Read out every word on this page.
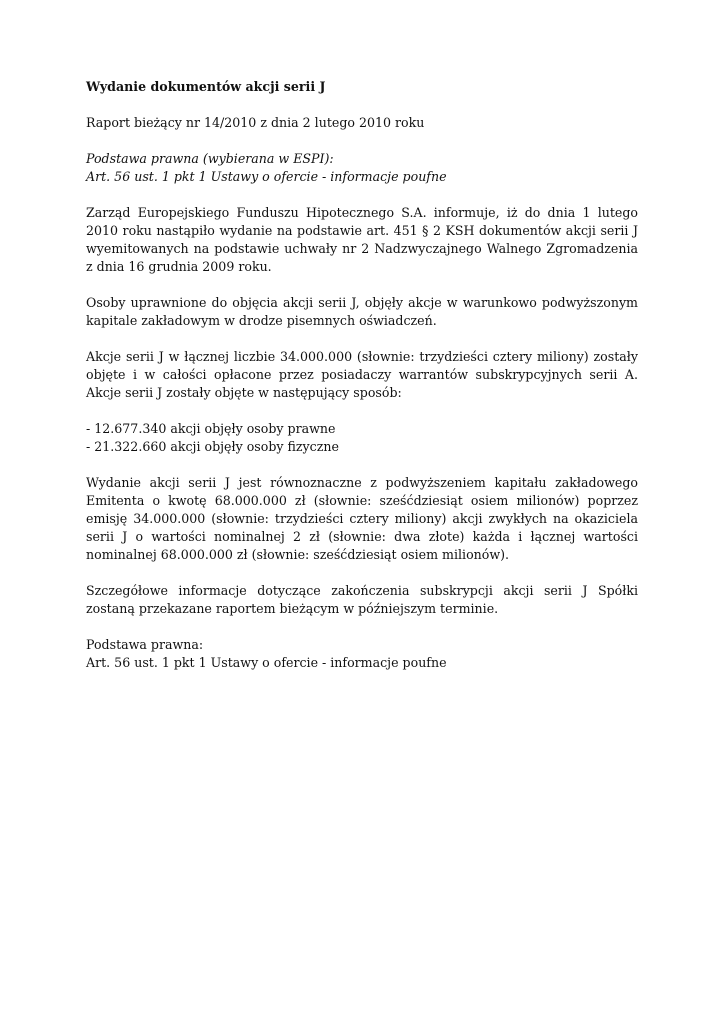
Wydanie dokumentów akcji serii J

Raport bieżący nr 14/2010 z dnia 2 lutego 2010 roku

Podstawa prawna (wybierana w ESPI):
Art. 56 ust. 1 pkt 1 Ustawy o ofercie - informacje poufne

Zarząd Europejskiego Funduszu Hipotecznego S.A. informuje, iż do dnia 1 lutego 2010 roku nastąpiło wydanie na podstawie art. 451 § 2 KSH dokumentów akcji serii J wyemitowanych na podstawie uchwały nr 2 Nadzwyczajnego Walnego Zgromadzenia z dnia 16 grudnia 2009 roku.

Osoby uprawnione do objęcia akcji serii J, objęły akcje w warunkowo podwyższonym kapitale zakładowym w drodze pisemnych oświadczeń.

Akcje serii J w łącznej liczbie 34.000.000 (słownie: trzydzieści cztery miliony) zostały objęte i w całości opłacone przez posiadaczy warrantów subskrypcyjnych serii A. Akcje serii J zostały objęte w następujący sposób:

- 12.677.340 akcji objęły osoby prawne
- 21.322.660 akcji objęły osoby fizyczne

Wydanie akcji serii J jest równoznaczne z podwyższeniem kapitału zakładowego Emitenta o kwotę 68.000.000 zł (słownie: sześćdziesiąt osiem milionów) poprzez emisję 34.000.000 (słownie: trzydzieści cztery miliony) akcji zwykłych na okaziciela serii J o wartości nominalnej 2 zł (słownie: dwa złote) każda i łącznej wartości nominalnej 68.000.000 zł (słownie: sześćdziesiąt osiem milionów).

Szczegółowe informacje dotyczące zakończenia subskrypcji akcji serii J Spółki zostaną przekazane raportem bieżącym w późniejszym terminie.

Podstawa prawna:
Art. 56 ust. 1 pkt 1 Ustawy o ofercie - informacje poufne
